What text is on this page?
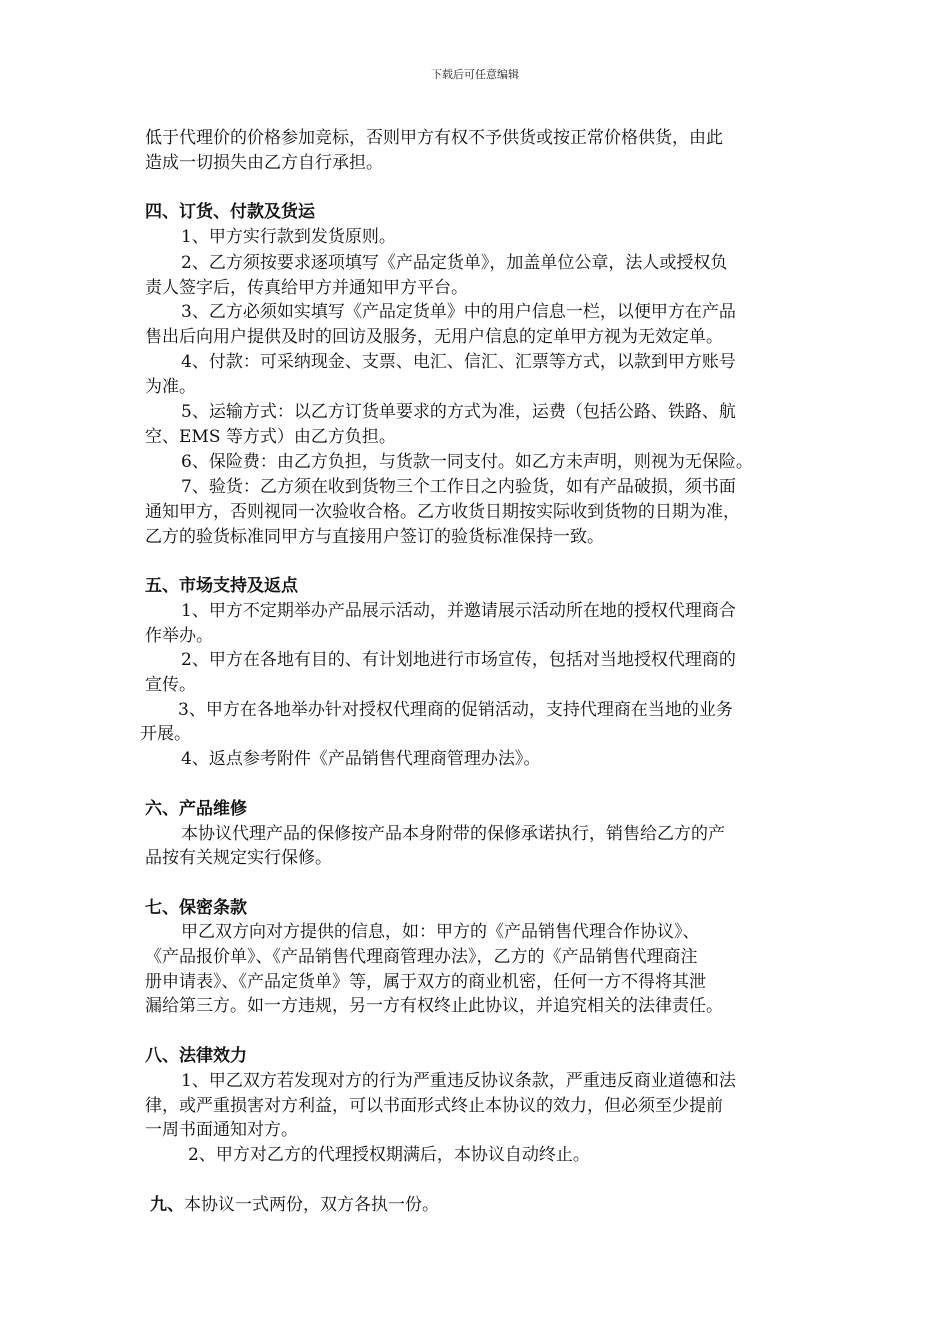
下载后可任意编辑
低于代理价的价格参加竞标，否则甲方有权不予供货或按正常价格供货，由此
造成一切损失由乙方自行承担。
四、订货、付款及货运
1、甲方实行款到发货原则。
2、乙方须按要求逐项填写《产品定货单》，加盖单位公章，法人或授权负
责人签字后，传真给甲方并通知甲方平台。
3、乙方必须如实填写《产品定货单》中的用户信息一栏，以便甲方在产品
售出后向用户提供及时的回访及服务，无用户信息的定单甲方视为无效定单。
4、付款：可采纳现金、支票、电汇、信汇、汇票等方式，以款到甲方账号
为准。
5、运输方式：以乙方订货单要求的方式为准，运费（包括公路、铁路、航
空、EMS 等方式）由乙方负担。
6、保险费：由乙方负担，与货款一同支付。如乙方未声明，则视为无保险。
7、验货：乙方须在收到货物三个工作日之内验货，如有产品破损，须书面
通知甲方，否则视同一次验收合格。乙方收货日期按实际收到货物的日期为准，
乙方的验货标准同甲方与直接用户签订的验货标准保持一致。
五、市场支持及返点
1、甲方不定期举办产品展示活动，并邀请展示活动所在地的授权代理商合
作举办。
2、甲方在各地有目的、有计划地进行市场宣传，包括对当地授权代理商的
宣传。
3、甲方在各地举办针对授权代理商的促销活动，支持代理商在当地的业务
开展。
4、返点参考附件《产品销售代理商管理办法》。
六、产品维修
本协议代理产品的保修按产品本身附带的保修承诺执行，销售给乙方的产
品按有关规定实行保修。
七、保密条款
甲乙双方向对方提供的信息，如：甲方的《产品销售代理合作协议》、
《产品报价单》、《产品销售代理商管理办法》，乙方的《产品销售代理商注
册申请表》、《产品定货单》等，属于双方的商业机密，任何一方不得将其泄
漏给第三方。如一方违规，另一方有权终止此协议，并追究相关的法律责任。
八、法律效力
1、甲乙双方若发现对方的行为严重违反协议条款，严重违反商业道德和法
律，或严重损害对方利益，可以书面形式终止本协议的效力，但必须至少提前
一周书面通知对方。
2、甲方对乙方的代理授权期满后，本协议自动终止。
九、本协议一式两份，双方各执一份。
